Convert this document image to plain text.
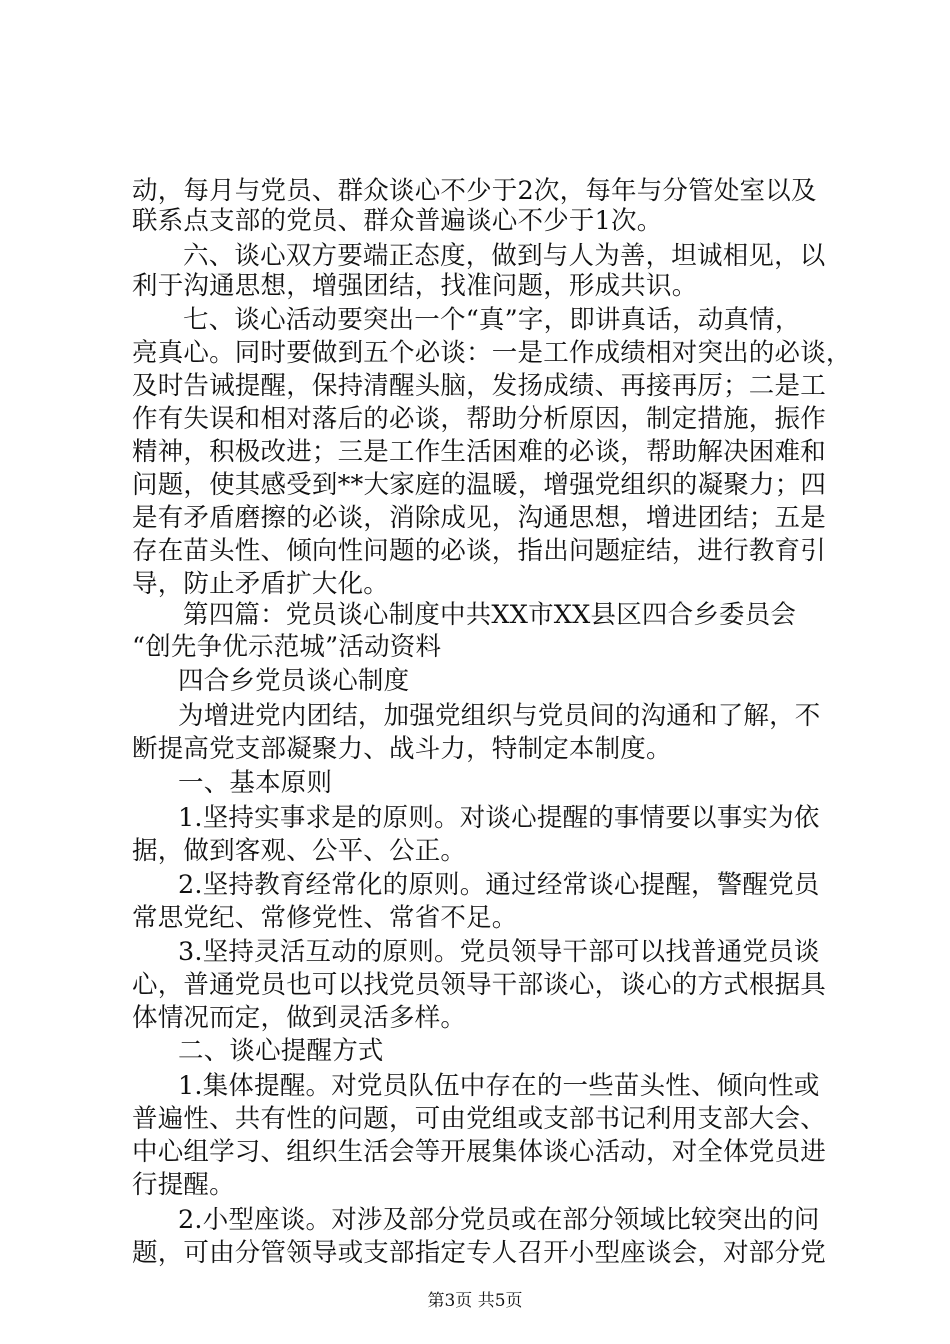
动，每月与党员、群众谈心不少于2次，每年与分管处室以及
联系点支部的党员、群众普遍谈心不少于1次。
六、谈心双方要端正态度，做到与人为善，坦诚相见，以
利于沟通思想，增强团结，找准问题，形成共识。
七、谈心活动要突出一个“真”字，即讲真话，动真情，
亮真心。同时要做到五个必谈：一是工作成绩相对突出的必谈，
及时告诫提醒，保持清醒头脑，发扬成绩、再接再厉；二是工
作有失误和相对落后的必谈，帮助分析原因，制定措施，振作
精神，积极改进；三是工作生活困难的必谈，帮助解决困难和
问题，使其感受到**大家庭的温暖，增强党组织的凝聚力；四
是有矛盾磨擦的必谈，消除成见，沟通思想，增进团结；五是
存在苗头性、倾向性问题的必谈，指出问题症结，进行教育引
导，防止矛盾扩大化。
第四篇：党员谈心制度中共XX市XX县区四合乡委员会
“创先争优示范城”活动资料
四合乡党员谈心制度
为增进党内团结，加强党组织与党员间的沟通和了解，不
断提高党支部凝聚力、战斗力，特制定本制度。
一、基本原则
1.坚持实事求是的原则。对谈心提醒的事情要以事实为依
据，做到客观、公平、公正。
2.坚持教育经常化的原则。通过经常谈心提醒，警醒党员
常思党纪、常修党性、常省不足。
3.坚持灵活互动的原则。党员领导干部可以找普通党员谈
心，普通党员也可以找党员领导干部谈心，谈心的方式根据具
体情况而定，做到灵活多样。
二、谈心提醒方式
1.集体提醒。对党员队伍中存在的一些苗头性、倾向性或
普遍性、共有性的问题，可由党组或支部书记利用支部大会、
中心组学习、组织生活会等开展集体谈心活动，对全体党员进
行提醒。
第3页 共5页
2.小型座谈。对涉及部分党员或在部分领域比较突出的问
题，可由分管领导或支部指定专人召开小型座谈会，对部分党
